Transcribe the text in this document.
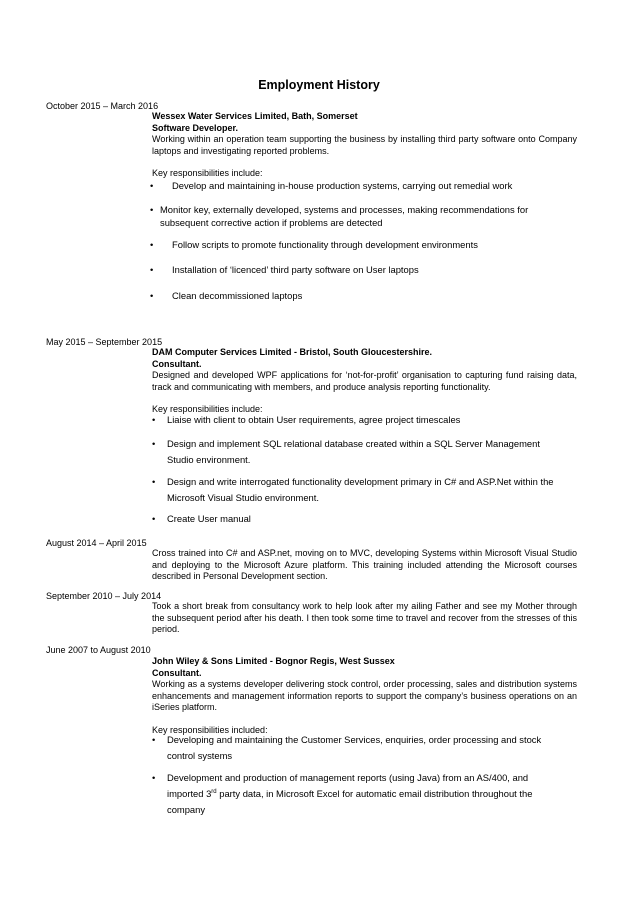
Employment History
October 2015 – March 2016
Wessex Water Services Limited, Bath, Somerset
Software Developer.
Working within an operation team supporting the business by installing third party software onto Company laptops and investigating reported problems.
Key responsibilities include:
•	Develop and maintaining in-house production systems, carrying out remedial work
• Monitor key, externally developed, systems and processes, making recommendations for subsequent corrective action if problems are detected
•	Follow scripts to promote functionality through development environments
•	Installation of ‘licenced’ third party software on User laptops
•	Clean decommissioned laptops
May 2015 – September 2015
DAM Computer Services Limited - Bristol, South Gloucestershire.
Consultant.
Designed and developed WPF applications for ‘not-for-profit’ organisation to capturing fund raising data, track and communicating with members, and produce analysis reporting functionality.
Key responsibilities include:
•	Liaise with client to obtain User requirements, agree project timescales
•	Design and implement SQL relational database created within a SQL Server Management Studio environment.
•	Design and write interrogated functionality development primary in C# and ASP.Net within the Microsoft Visual Studio environment.
•	Create User manual
August 2014 – April 2015
Cross trained into C# and ASP.net, moving on to MVC, developing Systems within Microsoft Visual Studio and deploying to the Microsoft Azure platform. This training included attending the Microsoft courses described in Personal Development section.
September 2010 – July 2014
Took a short break from consultancy work to help look after my ailing Father and see my Mother through the subsequent period after his death. I then took some time to travel and recover from the stresses of this period.
June 2007 to August 2010
John Wiley & Sons Limited - Bognor Regis, West Sussex
Consultant.
Working as a systems developer delivering stock control, order processing, sales and distribution systems enhancements and management information reports to support the company’s business operations on an iSeries platform.
Key responsibilities included:
•	Developing and maintaining the Customer Services, enquiries, order processing and stock control systems
•	Development and production of management reports (using Java) from an AS/400, and imported 3rd party data, in Microsoft Excel for automatic email distribution throughout the company
